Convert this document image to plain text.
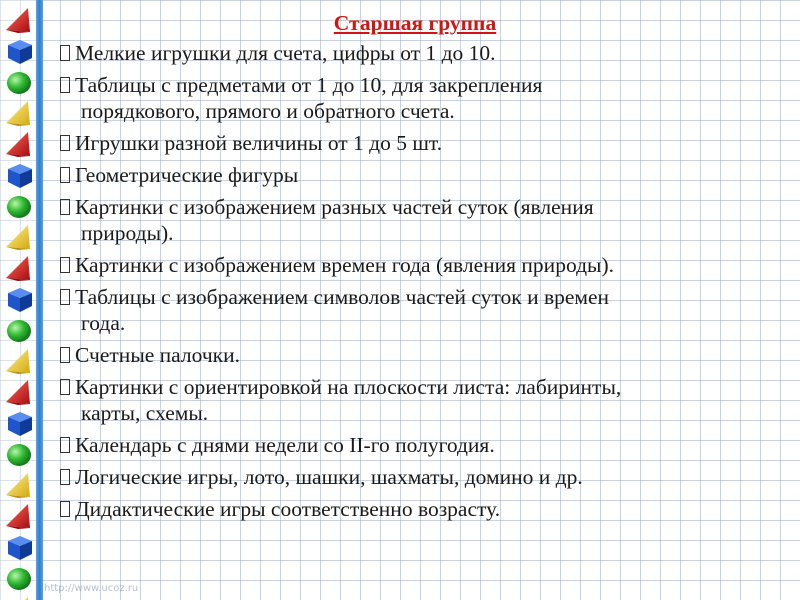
Старшая группа
Мелкие игрушки для счета, цифры от 1 до 10.
Таблицы с предметами от 1 до 10, для закрепления
порядкового, прямого и обратного счета.
Игрушки разной величины от 1 до 5 шт.
Геометрические фигуры
Картинки с изображением разных частей суток (явления
природы).
Картинки с изображением времен года (явления природы).
Таблицы с изображением символов частей суток и времен
года.
Счетные палочки.
Картинки с ориентировкой на плоскости листа: лабиринты,
карты, схемы.
Календарь с днями недели со II-го полугодия.
Логические игры, лото, шашки, шахматы, домино и др.
Дидактические игры соответственно возрасту.
http://www.ucoz.ru
